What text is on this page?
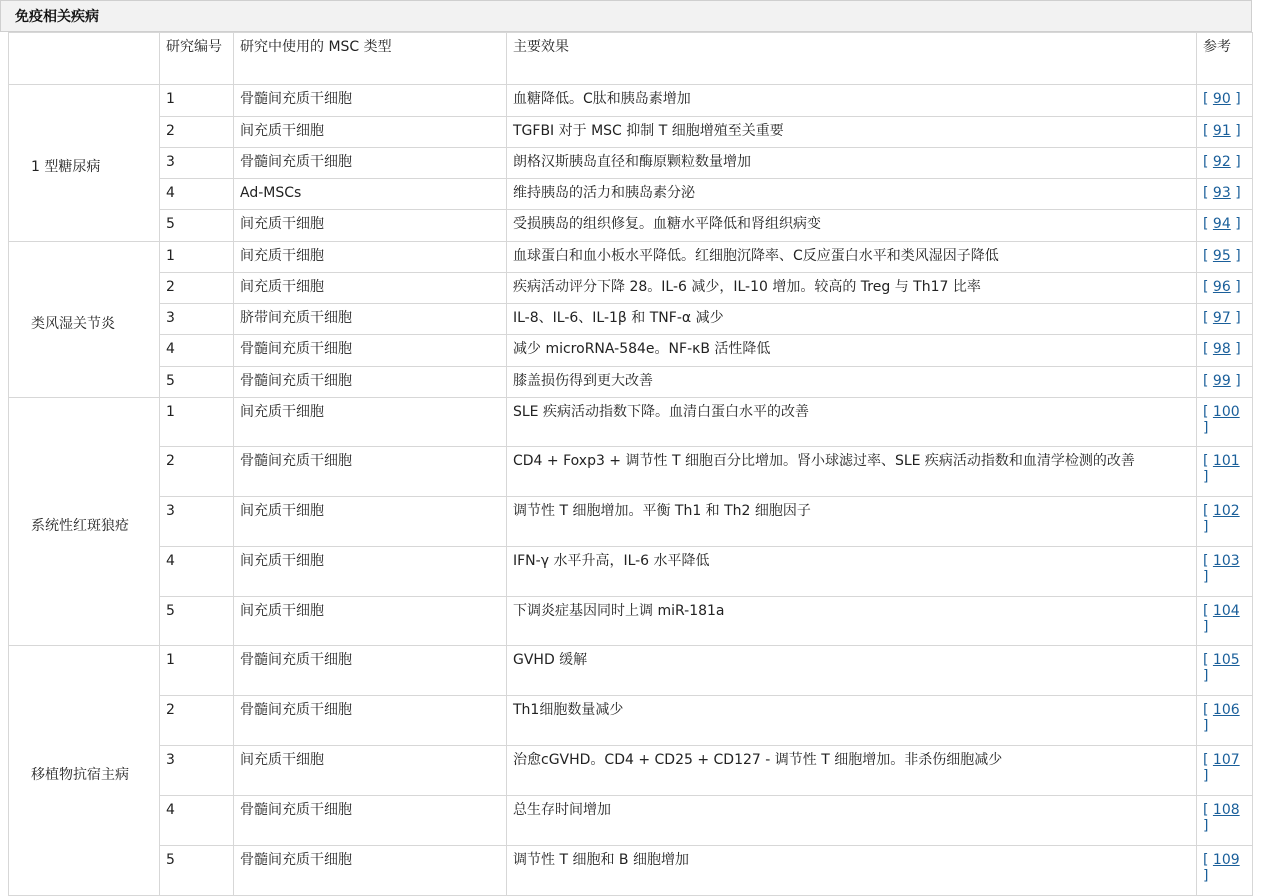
免疫相关疾病

	研究编号	研究中使用的 MSC 类型	主要效果	参考

1 型糖尿病	1	骨髓间充质干细胞	血糖降低。C肽和胰岛素增加	[ 90 ]

	2	间充质干细胞	TGFBI 对于 MSC 抑制 T 细胞增殖至关重要	[ 91 ]

	3	骨髓间充质干细胞	朗格汉斯胰岛直径和酶原颗粒数量增加	[ 92 ]

	4	Ad-MSCs	维持胰岛的活力和胰岛素分泌	[ 93 ]

	5	间充质干细胞	受损胰岛的组织修复。血糖水平降低和肾组织病变	[ 94 ]

类风湿关节炎	1	间充质干细胞	血球蛋白和血小板水平降低。红细胞沉降率、C反应蛋白水平和类风湿因子降低	[ 95 ]

	2	间充质干细胞	疾病活动评分下降 28。IL-6 减少，IL-10 增加。较高的 Treg 与 Th17 比率	[ 96 ]

	3	脐带间充质干细胞	IL-8、IL-6、IL-1β 和 TNF-α 减少	[ 97 ]

	4	骨髓间充质干细胞	减少 microRNA-584e。NF-κB 活性降低	[ 98 ]

	5	骨髓间充质干细胞	膝盖损伤得到更大改善	[ 99 ]

系统性红斑狼疮	1	间充质干细胞	SLE 疾病活动指数下降。血清白蛋白水平的改善	[ 100 ]

	2	骨髓间充质干细胞	CD4 + Foxp3 + 调节性 T 细胞百分比增加。肾小球滤过率、SLE 疾病活动指数和血清学检测的改善	[ 101 ]

	3	间充质干细胞	调节性 T 细胞增加。平衡 Th1 和 Th2 细胞因子	[ 102 ]

	4	间充质干细胞	IFN-γ 水平升高，IL-6 水平降低	[ 103 ]

	5	间充质干细胞	下调炎症基因同时上调 miR-181a	[ 104 ]

移植物抗宿主病	1	骨髓间充质干细胞	GVHD 缓解	[ 105 ]

	2	骨髓间充质干细胞	Th1细胞数量减少	[ 106 ]

	3	间充质干细胞	治愈cGVHD。CD4 + CD25 + CD127 - 调节性 T 细胞增加。非杀伤细胞减少	[ 107 ]

	4	骨髓间充质干细胞	总生存时间增加	[ 108 ]

	5	骨髓间充质干细胞	调节性 T 细胞和 B 细胞增加	[ 109 ]
